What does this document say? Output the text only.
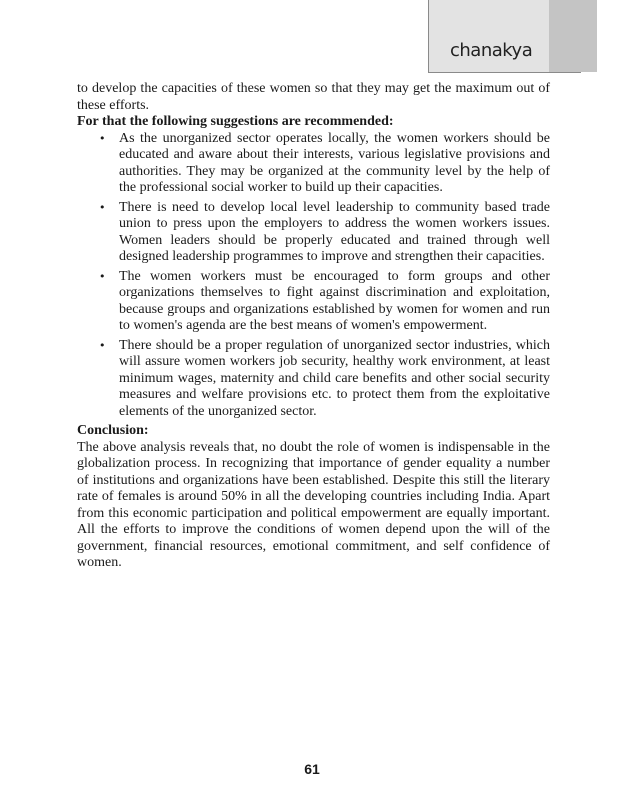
chanakya

to develop the capacities of these women so that they may get the maximum out of these efforts.

For that the following suggestions are recommended:

• As the unorganized sector operates locally, the women workers should be educated and aware about their interests, various legislative provisions and authorities. They may be organized at the community level by the help of the professional social worker to build up their capacities.
• There is need to develop local level leadership to community based trade union to press upon the employers to address the women workers issues. Women leaders should be properly educated and trained through well designed leadership programmes to improve and strengthen their capacities.
• The women workers must be encouraged to form groups and other organizations themselves to fight against discrimination and exploitation, because groups and organizations established by women for women and run to women's agenda are the best means of women's empowerment.
• There should be a proper regulation of unorganized sector industries, which will assure women workers job security, healthy work environment, at least minimum wages, maternity and child care benefits and other social security measures and welfare provisions etc. to protect them from the exploitative elements of the unorganized sector.

Conclusion:

The above analysis reveals that, no doubt the role of women is indispensable in the globalization process. In recognizing that importance of gender equality a number of institutions and organizations have been established. Despite this still the literary rate of females is around 50% in all the developing countries including India. Apart from this economic participation and political empowerment are equally important. All the efforts to improve the conditions of women depend upon the will of the government, financial resources, emotional commitment, and self confidence of women.

61
